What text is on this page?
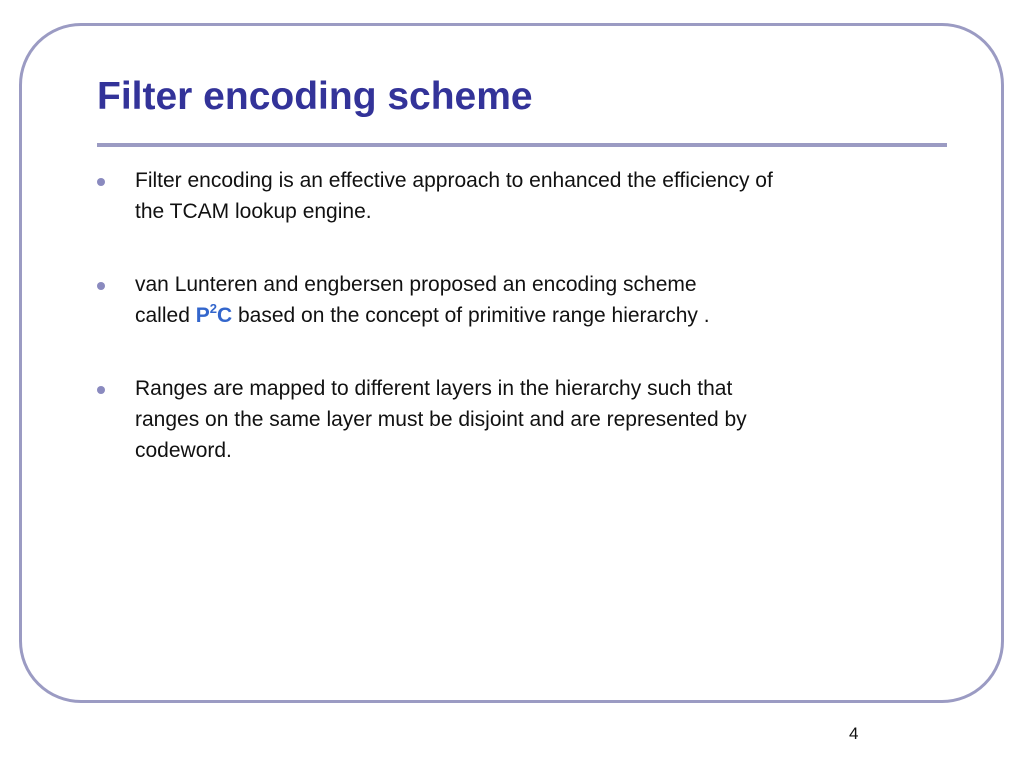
Filter encoding scheme
Filter encoding is an effective approach to enhanced the efficiency of
the TCAM lookup engine.
van Lunteren and engbersen proposed an encoding scheme
called $P^2C$ based on the concept of primitive range hierarchy .
Ranges are mapped to different layers in the hierarchy such that
ranges on the same layer must be disjoint and are represented by
codeword.
4
